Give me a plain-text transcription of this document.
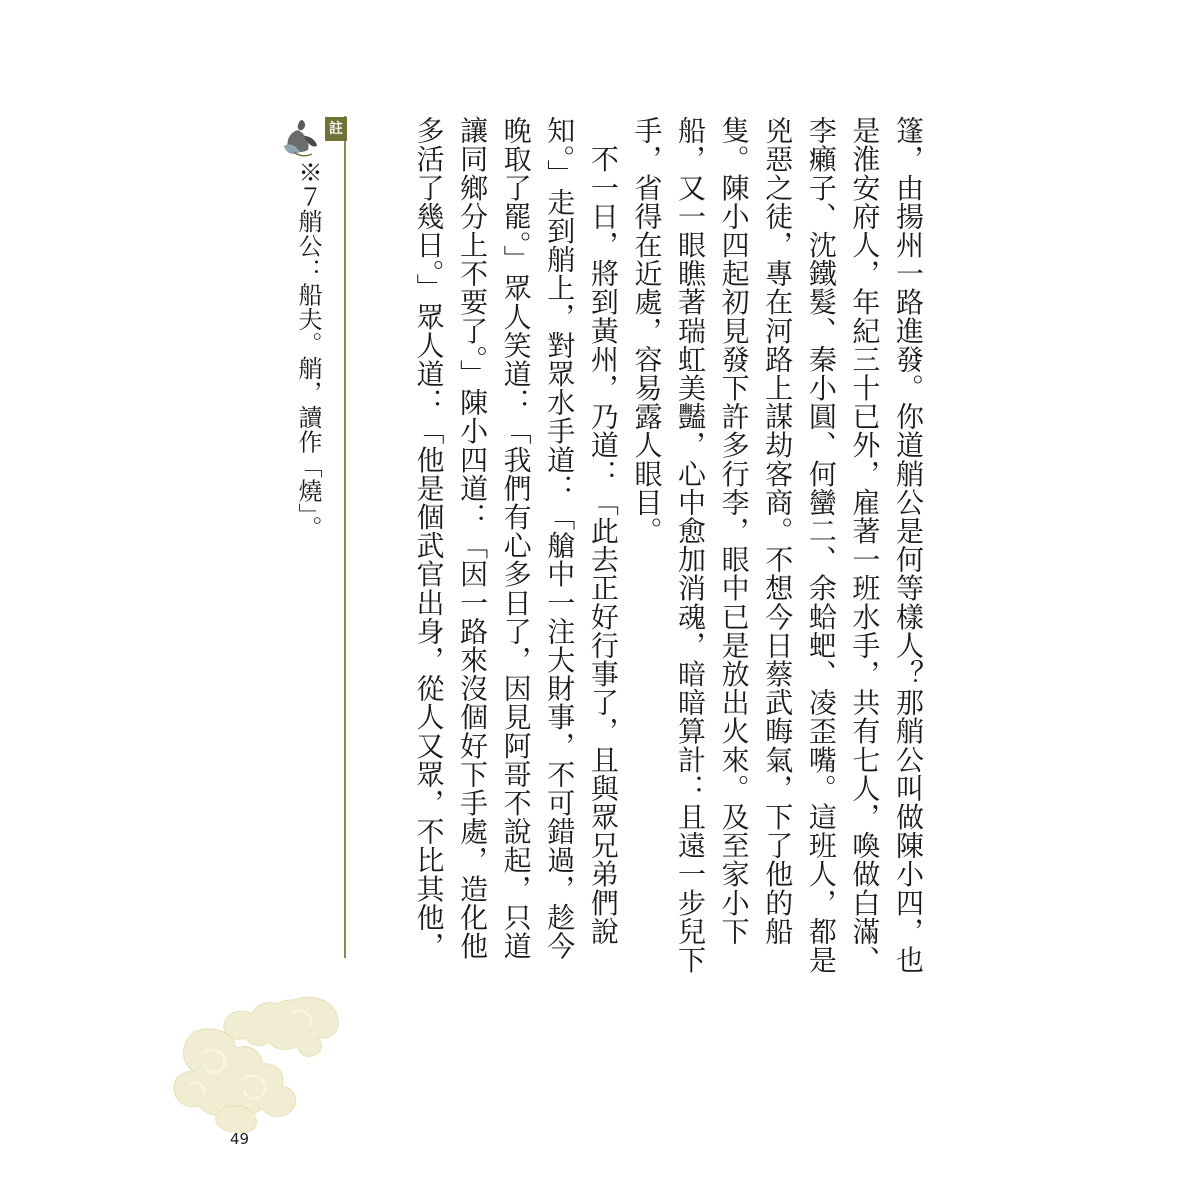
篷，由揚州一路進發。你道艄公是何等樣人？那艄公叫做陳小四，也是淮安府人，年紀三十已外，雇著一班水手，共有七人，喚做白滿、李癩子、沈鐵髮、秦小圓、何蠻二、余蛤蚆、凌歪嘴。這班人，都是兇惡之徒，專在河路上謀劫客商。不想今日蔡武晦氣，下了他的船隻。陳小四起初見發下許多行李，眼中已是放出火來。及至家小下船，又一眼瞧著瑞虹美豔，心中愈加消魂，暗暗算計：且遠一步兒下手，省得在近處，容易露人眼目。

　不一日，將到黃州，乃道：「此去正好行事了，且與眾兄弟們說知。」走到艄上，對眾水手道：「艙中一注大財事，不可錯過，趁今晚取了罷。」眾人笑道：「我們有心多日了，因見阿哥不說起，只道讓同鄉分上不要了。」陳小四道：「因一路來沒個好下手處，造化他多活了幾日。」眾人道：「他是個武官出身，從人又眾，不比其他，

註
※７艄公：船夫。艄，讀作「燒」。
49
